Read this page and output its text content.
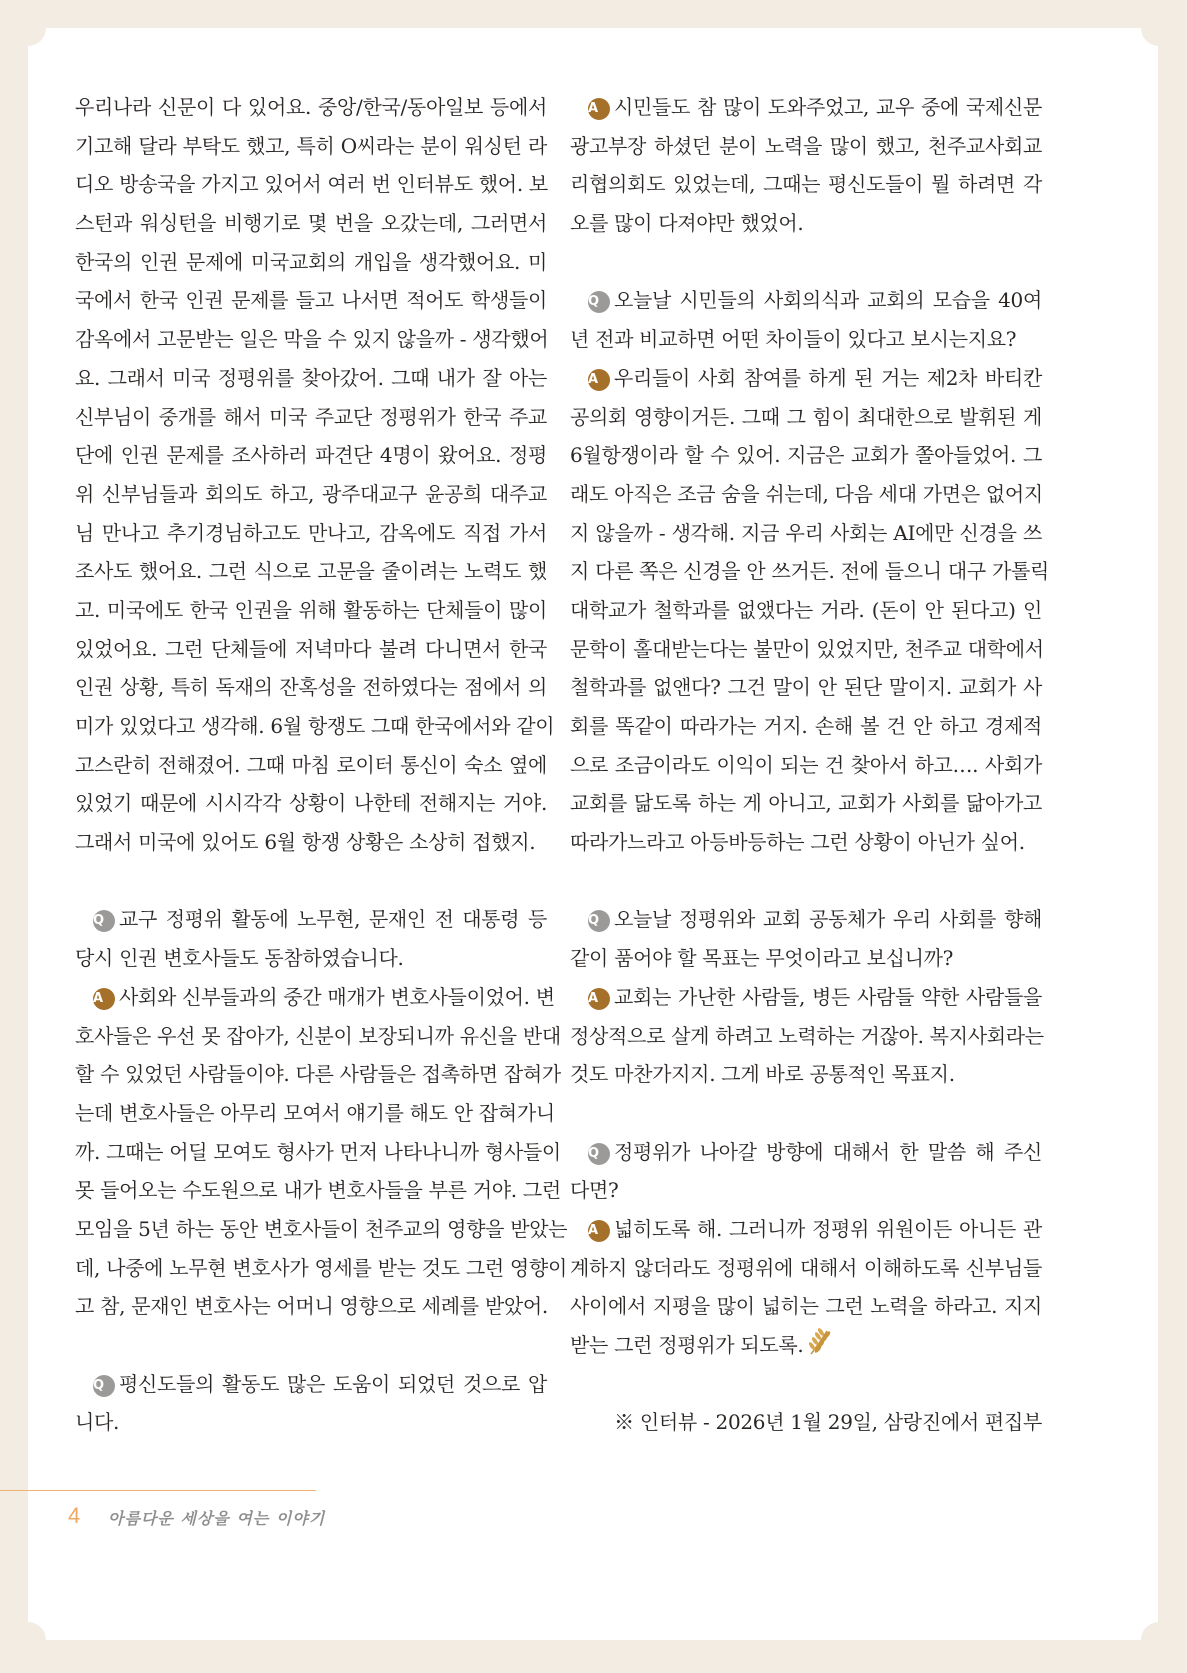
우리나라 신문이 다 있어요. 중앙/한국/동아일보 등에서
기고해 달라 부탁도 했고, 특히 O씨라는 분이 워싱턴 라
디오 방송국을 가지고 있어서 여러 번 인터뷰도 했어. 보
스턴과 워싱턴을 비행기로 몇 번을 오갔는데, 그러면서
한국의 인권 문제에 미국교회의 개입을 생각했어요. 미
국에서 한국 인권 문제를 들고 나서면 적어도 학생들이
감옥에서 고문받는 일은 막을 수 있지 않을까 - 생각했어
요. 그래서 미국 정평위를 찾아갔어. 그때 내가 잘 아는
신부님이 중개를 해서 미국 주교단 정평위가 한국 주교
단에 인권 문제를 조사하러 파견단 4명이 왔어요. 정평
위 신부님들과 회의도 하고, 광주대교구 윤공희 대주교
님 만나고 추기경님하고도 만나고, 감옥에도 직접 가서
조사도 했어요. 그런 식으로 고문을 줄이려는 노력도 했
고. 미국에도 한국 인권을 위해 활동하는 단체들이 많이
있었어요. 그런 단체들에 저녁마다 불려 다니면서 한국
인권 상황, 특히 독재의 잔혹성을 전하였다는 점에서 의
미가 있었다고 생각해. 6월 항쟁도 그때 한국에서와 같이
고스란히 전해졌어. 그때 마침 로이터 통신이 숙소 옆에
있었기 때문에 시시각각 상황이 나한테 전해지는 거야.
그래서 미국에 있어도 6월 항쟁 상황은 소상히 접했지.

Q 교구 정평위 활동에 노무현, 문재인 전 대통령 등
당시 인권 변호사들도 동참하였습니다.
A 사회와 신부들과의 중간 매개가 변호사들이었어. 변
호사들은 우선 못 잡아가, 신분이 보장되니까 유신을 반대
할 수 있었던 사람들이야. 다른 사람들은 접촉하면 잡혀가
는데 변호사들은 아무리 모여서 얘기를 해도 안 잡혀가니
까. 그때는 어딜 모여도 형사가 먼저 나타나니까 형사들이
못 들어오는 수도원으로 내가 변호사들을 부른 거야. 그런
모임을 5년 하는 동안 변호사들이 천주교의 영향을 받았는
데, 나중에 노무현 변호사가 영세를 받는 것도 그런 영향이
고 참, 문재인 변호사는 어머니 영향으로 세례를 받았어.

Q 평신도들의 활동도 많은 도움이 되었던 것으로 압
니다.
A 시민들도 참 많이 도와주었고, 교우 중에 국제신문
광고부장 하셨던 분이 노력을 많이 했고, 천주교사회교
리협의회도 있었는데, 그때는 평신도들이 뭘 하려면 각
오를 많이 다져야만 했었어.

Q 오늘날 시민들의 사회의식과 교회의 모습을 40여
년 전과 비교하면 어떤 차이들이 있다고 보시는지요?
A 우리들이 사회 참여를 하게 된 거는 제2차 바티칸
공의회 영향이거든. 그때 그 힘이 최대한으로 발휘된 게
6월항쟁이라 할 수 있어. 지금은 교회가 쫄아들었어. 그
래도 아직은 조금 숨을 쉬는데, 다음 세대 가면은 없어지
지 않을까 - 생각해. 지금 우리 사회는 AI에만 신경을 쓰
지 다른 쪽은 신경을 안 쓰거든. 전에 들으니 대구 가톨릭
대학교가 철학과를 없앴다는 거라. (돈이 안 된다고) 인
문학이 홀대받는다는 불만이 있었지만, 천주교 대학에서
철학과를 없앤다? 그건 말이 안 된단 말이지. 교회가 사
회를 똑같이 따라가는 거지. 손해 볼 건 안 하고 경제적
으로 조금이라도 이익이 되는 건 찾아서 하고…. 사회가
교회를 닮도록 하는 게 아니고, 교회가 사회를 닮아가고
따라가느라고 아등바등하는 그런 상황이 아닌가 싶어.

Q 오늘날 정평위와 교회 공동체가 우리 사회를 향해
같이 품어야 할 목표는 무엇이라고 보십니까?
A 교회는 가난한 사람들, 병든 사람들 약한 사람들을
정상적으로 살게 하려고 노력하는 거잖아. 복지사회라는
것도 마찬가지지. 그게 바로 공통적인 목표지.

Q 정평위가 나아갈 방향에 대해서 한 말씀 해 주신
다면?
A 넓히도록 해. 그러니까 정평위 위원이든 아니든 관
계하지 않더라도 정평위에 대해서 이해하도록 신부님들
사이에서 지평을 많이 넓히는 그런 노력을 하라고. 지지
받는 그런 정평위가 되도록.

※ 인터뷰 - 2026년 1월 29일, 삼랑진에서 편집부
4 아름다운 세상을 여는 이야기
